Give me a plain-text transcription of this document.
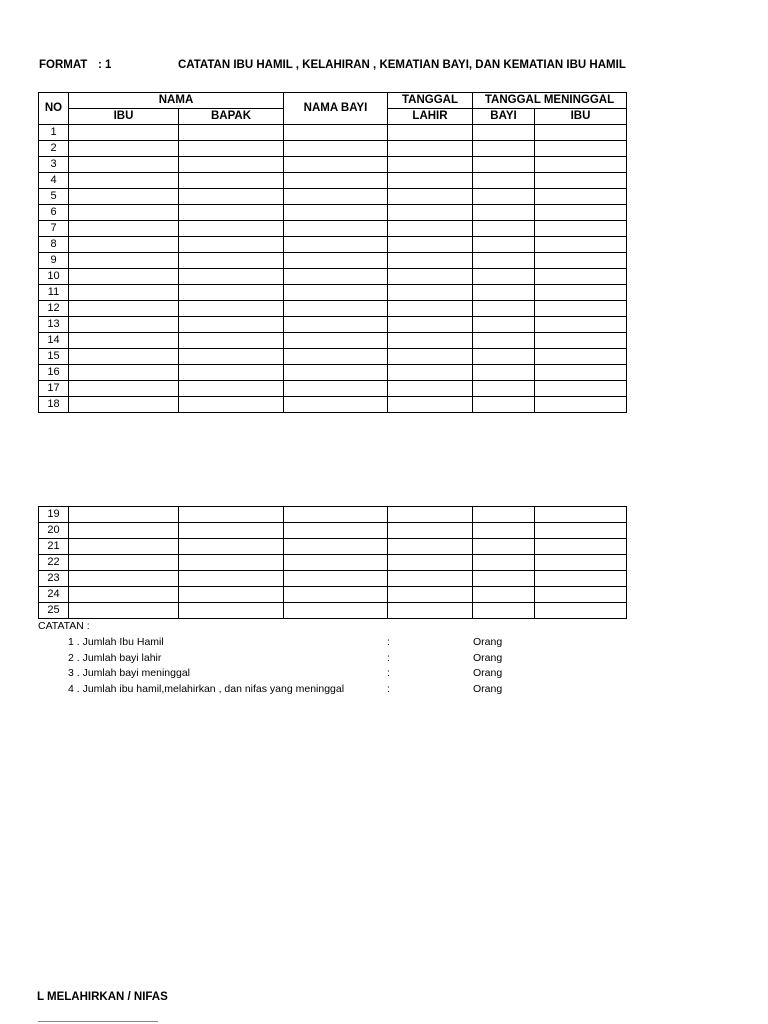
FORMAT : 1	CATATAN IBU HAMIL , KELAHIRAN , KEMATIAN BAYI, DAN KEMATIAN IBU HAMIL
NO	NAMA		NAMA BAYI	TANGGAL	TANGGAL MENINGGAL	
	IBU	BAPAK		LAHIR	BAYI	IBU
1						
2						
3						
4						
5						
6						
7						
8						
9						
10						
11						
12						
13						
14						
15						
16						
17						
18						
19						
20						
21						
22						
23						
24						
25						
CATATAN :
1 . Jumlah Ibu Hamil	:	Orang
2 . Jumlah bayi lahir	:	Orang
3 . Jumlah bayi meninggal	:	Orang
4 . Jumlah ibu hamil,melahirkan , dan nifas yang meninggal	:	Orang
L MELAHIRKAN / NIFAS
